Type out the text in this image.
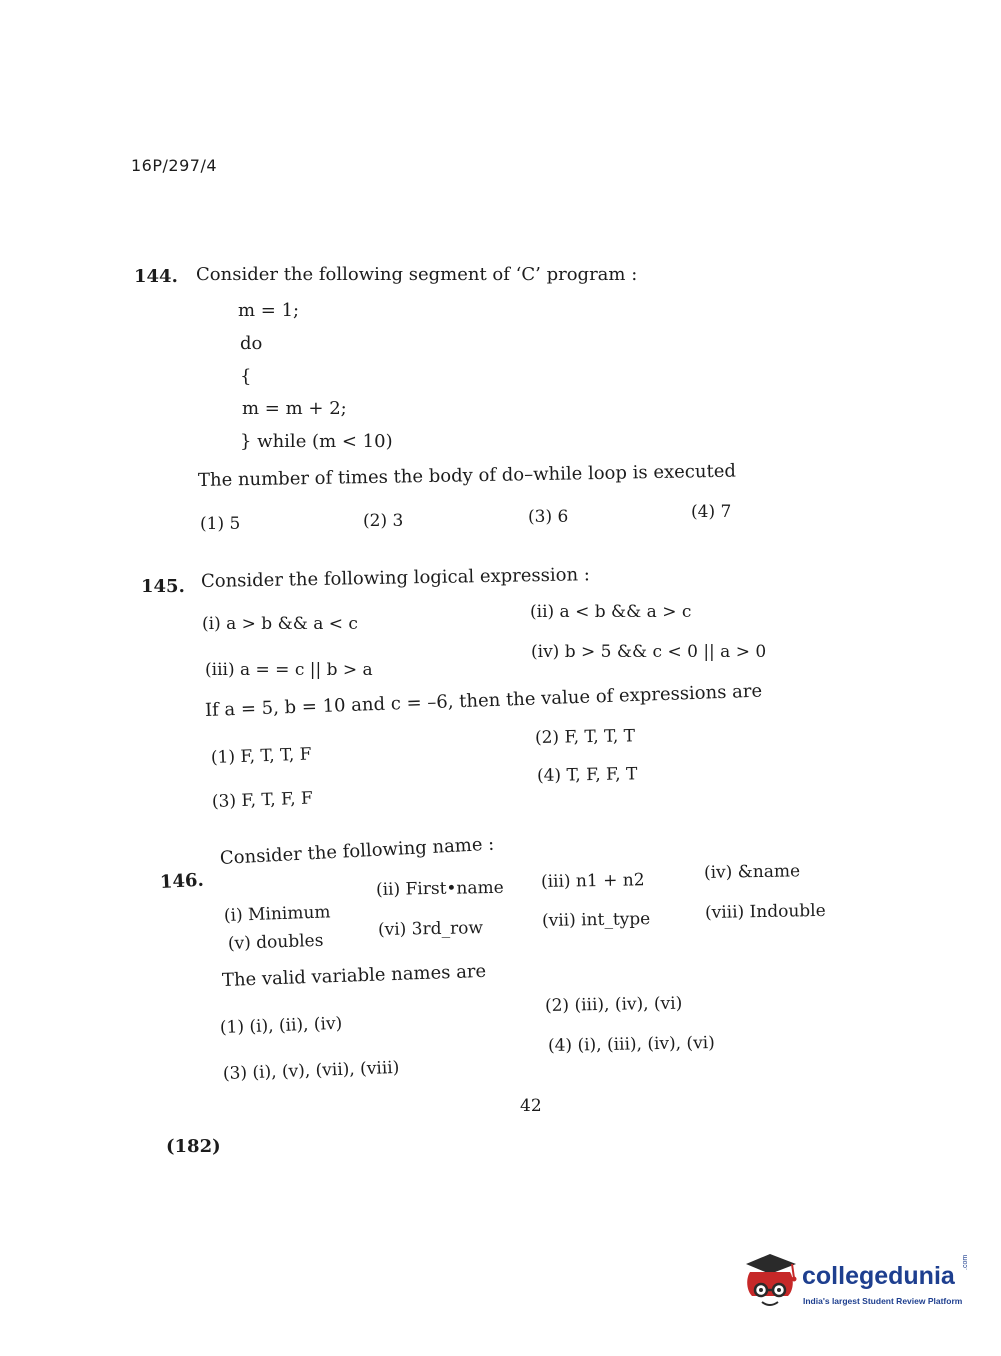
16P/297/4
144. Consider the following segment of ‘C’ program :
m = 1;
do
{
m = m + 2;
} while (m < 10)
The number of times the body of do–while loop is executed
(1) 5	(2) 3	(3) 6	(4) 7
145. Consider the following logical expression :
(i) a > b && a < c
(ii) a < b && a > c
(iii) a = = c || b > a
(iv) b > 5 && c < 0 || a > 0
If a = 5, b = 10 and c = –6, then the value of expressions are
(1) F, T, T, F
(2) F, T, T, T
(3) F, T, F, F
(4) T, F, F, T
146.
Consider the following name :
(i) Minimum
(ii) First•name (iii) n1 + n2	(iv) &name
(v) doubles
(vi) 3rd_row	(vii) int_type	(viii) Indouble
The valid variable names are
(1) (i), (ii), (iv)
(2) (iii), (iv), (vi)
(3) (i), (v), (vii), (viii)
(4) (i), (iii), (iv), (vi)
42
(182)
collegedunia .com
India's largest Student Review Platform
